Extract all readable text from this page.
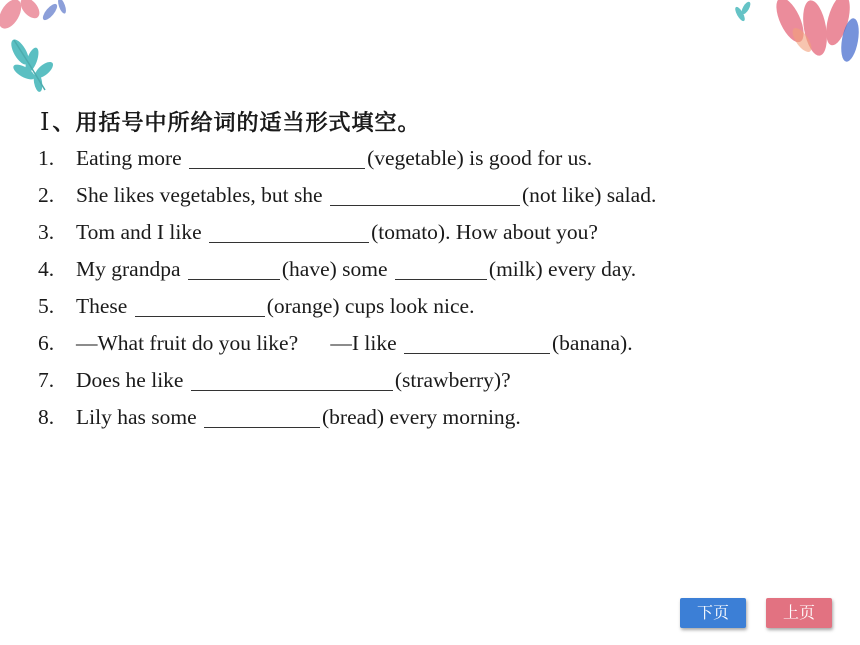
I、用括号中所给词的适当形式填空。
1. Eating more	(vegetable) is good for us.
2. She likes vegetables, but she	(not like) salad.
3. Tom and I like	(tomato). How about you?
4. My grandpa	(have) some	(milk) every day.
5. These	(orange) cups look nice.
6. —What fruit do you like?      —I like	(banana).
7. Does he like	(strawberry)?
8. Lily has some	(bread) every morning.
下页	上页
